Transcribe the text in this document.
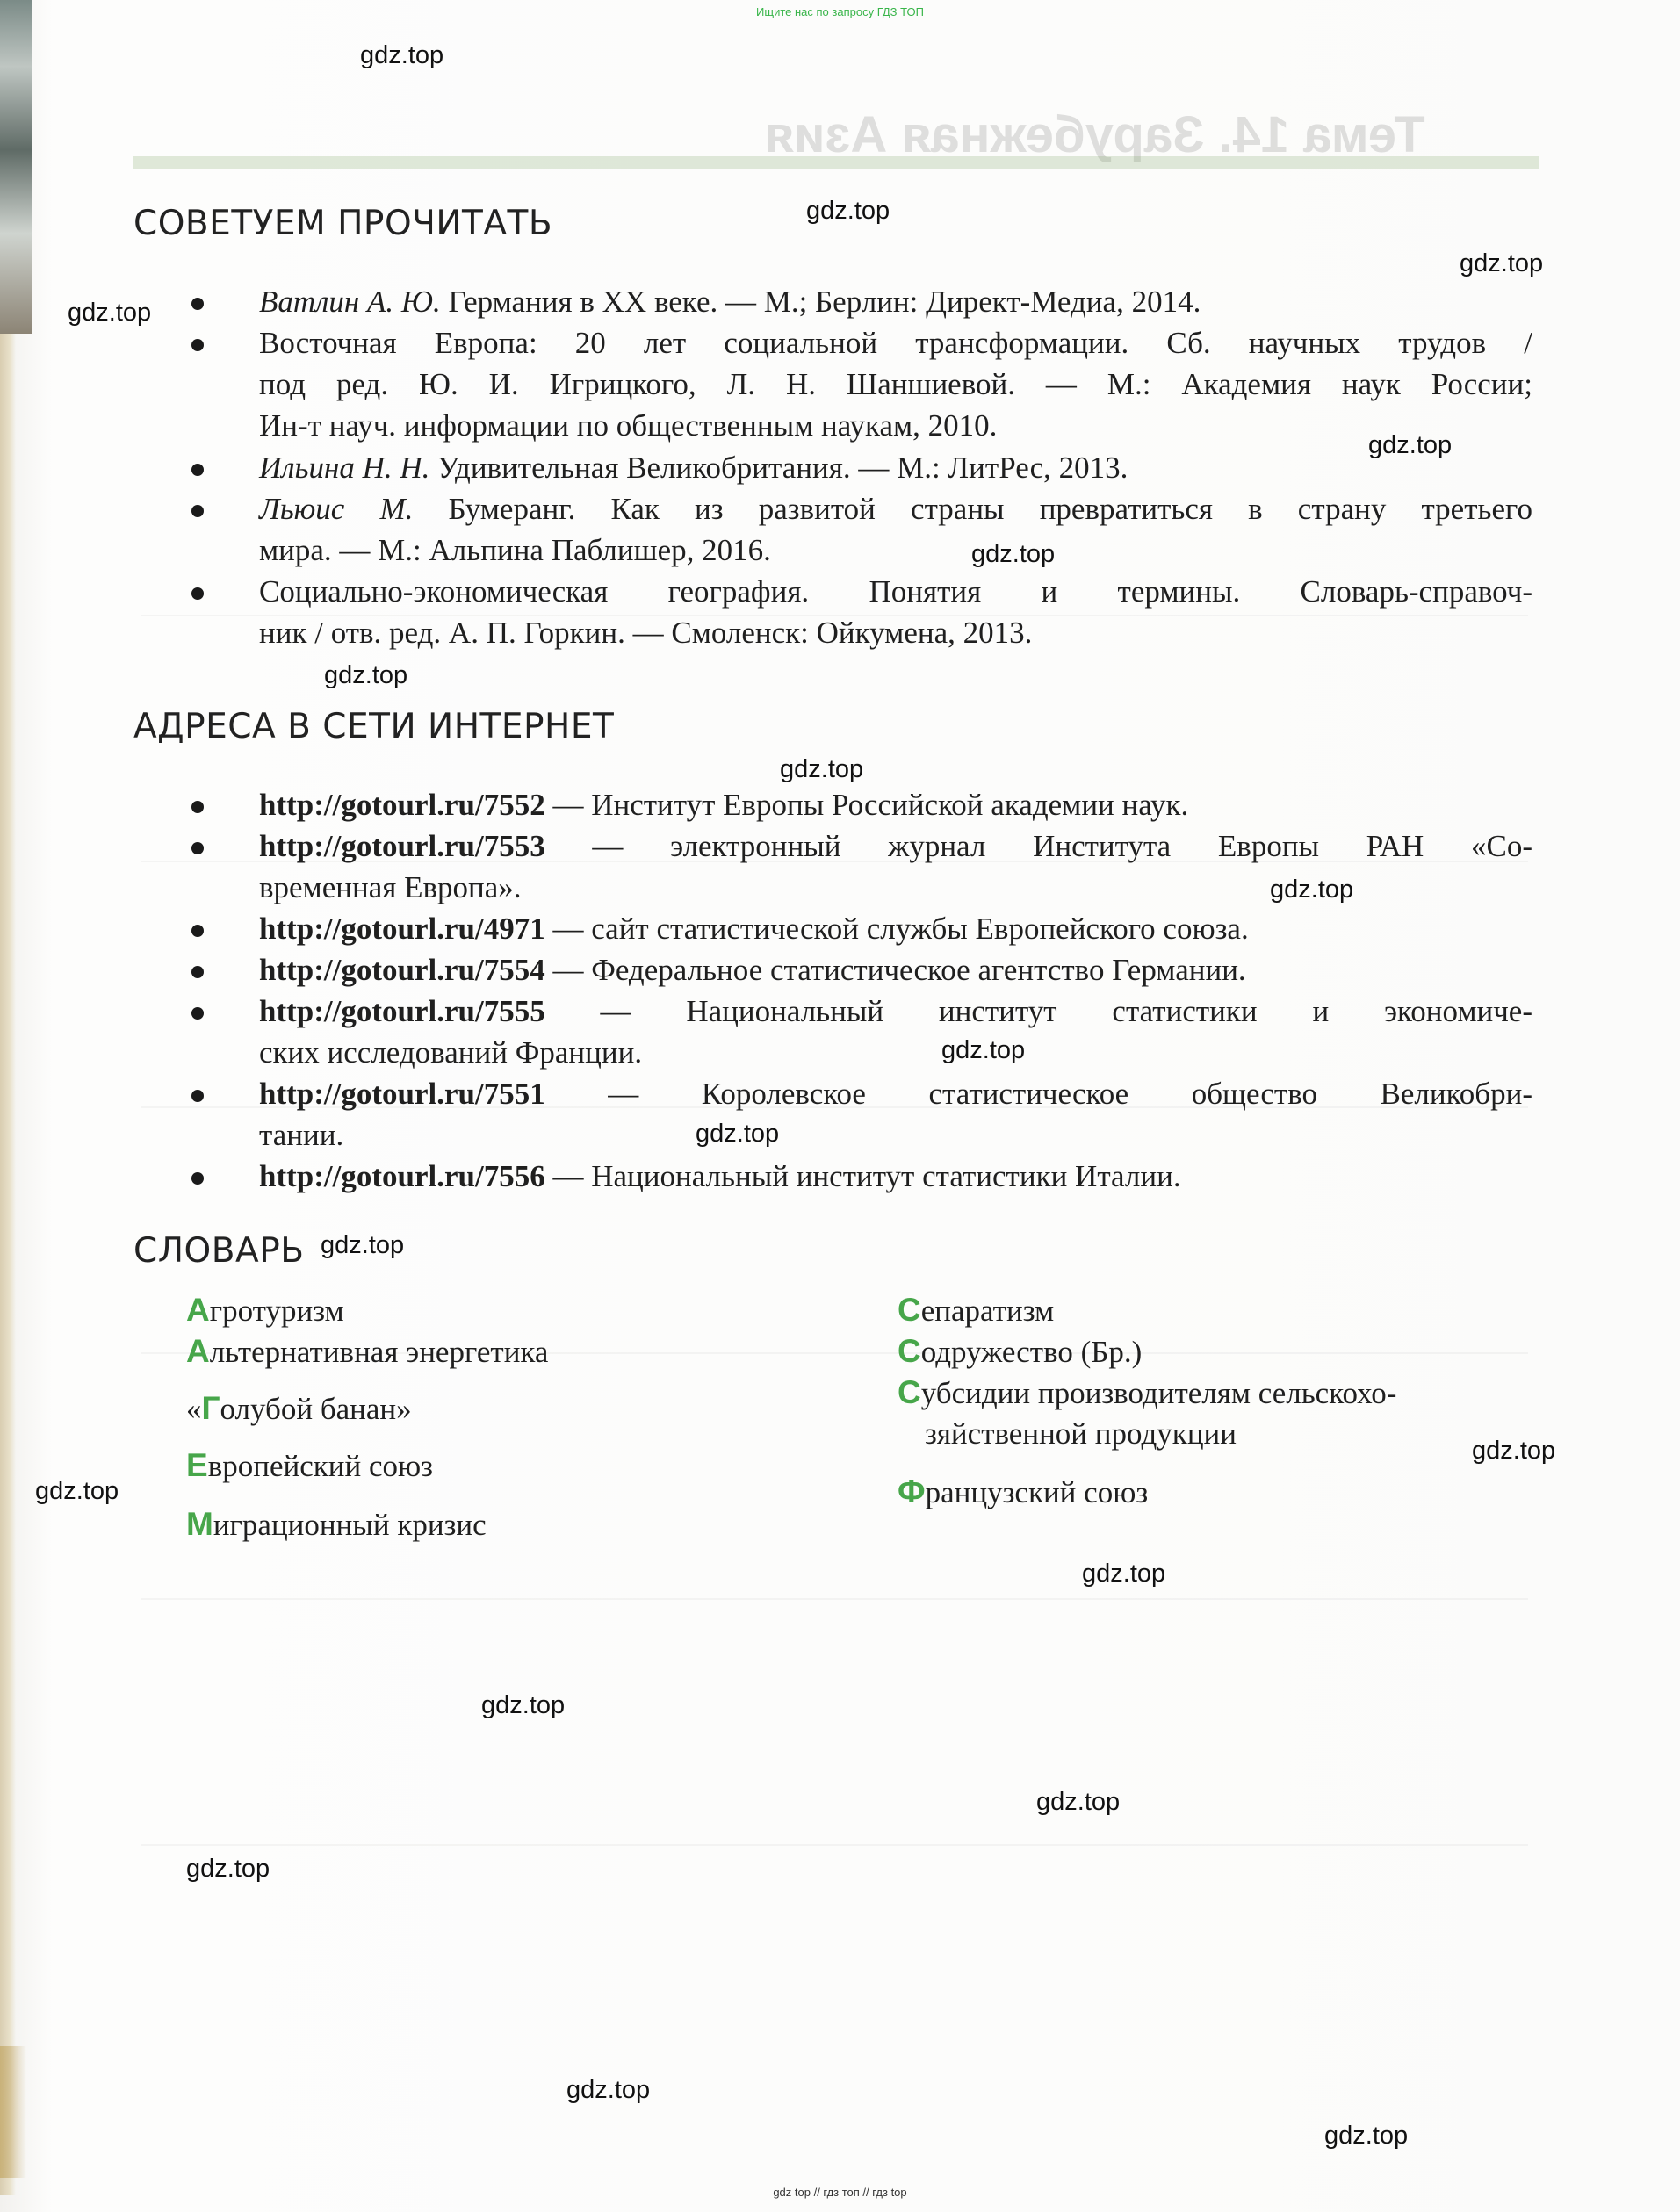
Тема 14. Зарубежная Азия
Ищите нас по запросу ГДЗ ТОП
gdz.top
gdz.top
gdz.top
gdz.top
gdz.top
gdz.top
gdz.top
gdz.top
gdz.top
gdz.top
gdz.top
gdz.top
gdz.top
gdz.top
gdz.top
gdz.top
gdz.top
gdz.top
gdz.top
gdz.top
СОВЕТУЕМ ПРОЧИТАТЬ
Ватлин А. Ю. Германия в XX веке. — М.; Берлин: Директ-Медиа, 2014.
Восточная Европа: 20 лет социальной трансформации. Сб. научных трудов /
под ред. Ю. И. Игрицкого, Л. Н. Шаншиевой. — М.: Академия наук России;
Ин-т науч. информации по общественным наукам, 2010.
Ильина Н. Н. Удивительная Великобритания. — М.: ЛитРес, 2013.
Льюис М. Бумеранг. Как из развитой страны превратиться в страну третьего
мира. — М.: Альпина Паблишер, 2016.
Социально-экономическая география. Понятия и термины. Словарь-справоч-
ник / отв. ред. А. П. Горкин. — Смоленск: Ойкумена, 2013.
АДРЕСА В СЕТИ ИНТЕРНЕТ
http://gotourl.ru/7552 — Институт Европы Российской академии наук.
http://gotourl.ru/7553 — электронный журнал Института Европы РАН «Со-
временная Европа».
http://gotourl.ru/4971 — сайт статистической службы Европейского союза.
http://gotourl.ru/7554 — Федеральное статистическое агентство Германии.
http://gotourl.ru/7555 — Национальный институт статистики и экономиче-
ских исследований Франции.
http://gotourl.ru/7551 — Королевское статистическое общество Великобри-
тании.
http://gotourl.ru/7556 — Национальный институт статистики Италии.
СЛОВАРЬ
Агротуризм
Альтернативная энергетика
«Голубой банан»
Европейский союз
Миграционный кризис
Сепаратизм
Содружество (Бр.)
Субсидии производителям сельскохо-
зяйственной продукции
Французский союз
gdz top // гдз топ // гдз top
